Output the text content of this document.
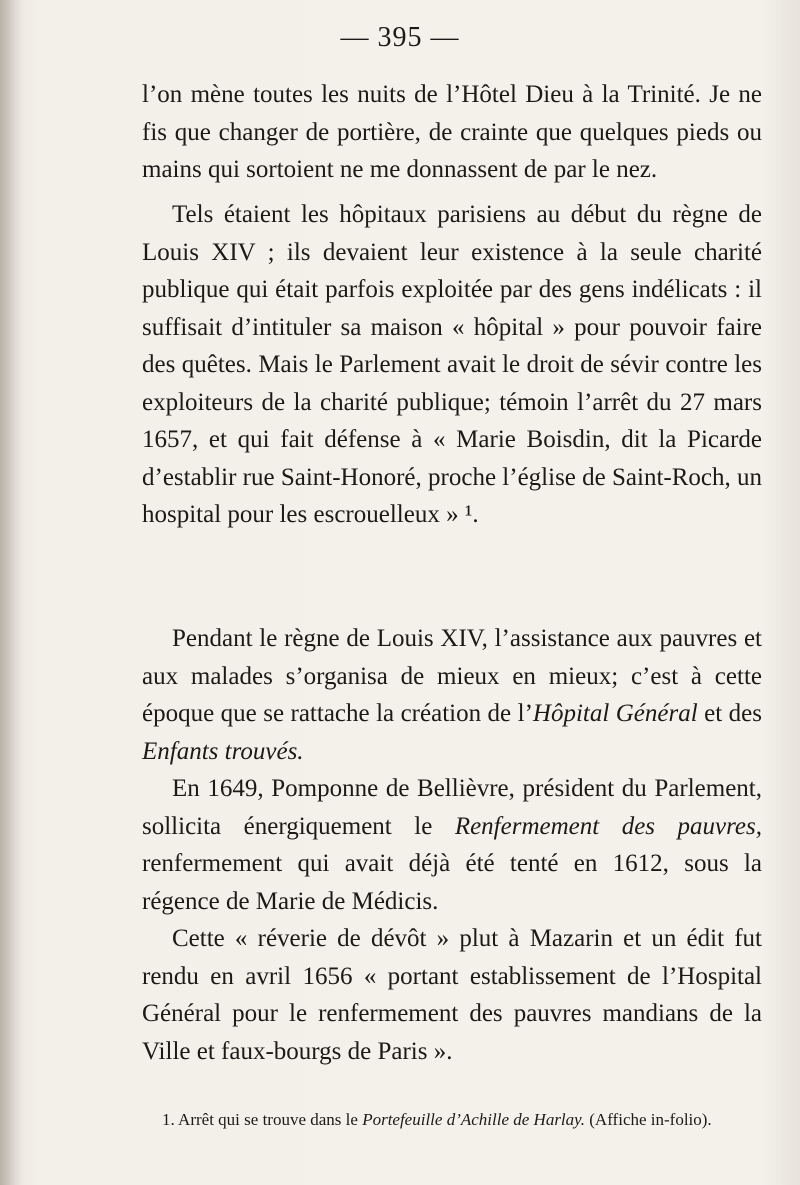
— 395 —

l’on mène toutes les nuits de l’Hôtel Dieu à la Trinité. Je ne fis que changer de portière, de crainte que quelques pieds ou mains qui sortoient ne me donnassent de par le nez.

Tels étaient les hôpitaux parisiens au début du règne de Louis XIV ; ils devaient leur existence à la seule charité publique qui était parfois exploitée par des gens indélicats : il suffisait d’intituler sa maison « hôpital » pour pouvoir faire des quêtes. Mais le Parlement avait le droit de sévir contre les exploiteurs de la charité publique; témoin l’arrêt du 27 mars 1657, et qui fait défense à « Marie Boisdin, dit la Picarde d’establir rue Saint-Honoré, proche l’église de Saint-Roch, un hospital pour les escrouelleux » ¹.

Pendant le règne de Louis XIV, l’assistance aux pauvres et aux malades s’organisa de mieux en mieux; c’est à cette époque que se rattache la création de l’Hôpital Général et des Enfants trouvés.

En 1649, Pomponne de Bellièvre, président du Parlement, sollicita énergiquement le Renfermement des pauvres, renfermement qui avait déjà été tenté en 1612, sous la régence de Marie de Médicis.

Cette « réverie de dévôt » plut à Mazarin et un édit fut rendu en avril 1656 « portant establissement de l’Hospital Général pour le renfermement des pauvres mandians de la Ville et faux-bourgs de Paris ».

1. Arrêt qui se trouve dans le Portefeuille d’Achille de Harlay. (Affiche in-folio).
